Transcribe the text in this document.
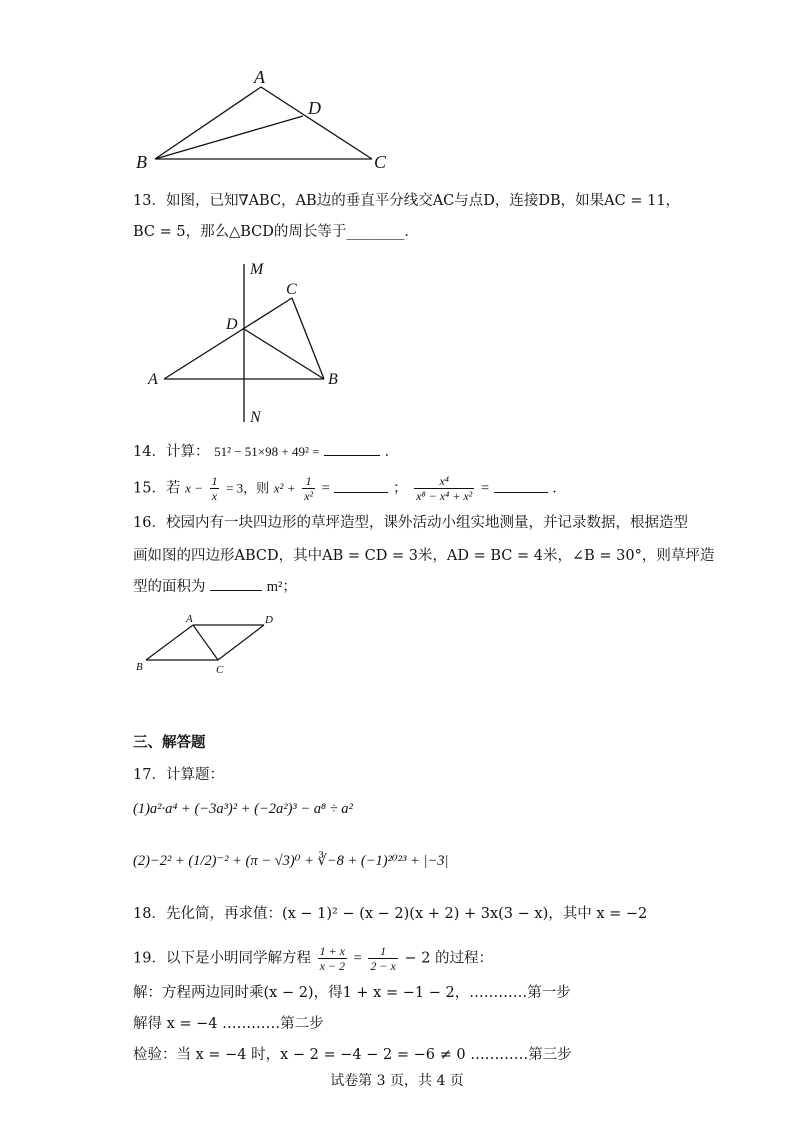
A
D
B	C
13．如图，已知∇ABC，AB边的垂直平分线交AC与点D，连接DB，如果AC = 11，
BC = 5，那么△BCD的周长等于________．
M
C
D
A	B
N
14．计算： 51² − 51×98 + 49² =	．
15．若 $x - \frac{1}{x} = 3$，则 $x^2 + \frac{1}{\text{x²}}$ =	； $\frac{\text{x⁴}}{\text{x⁸ − x⁴ + x²}}$ =	．
16．校园内有一块四边形的草坪造型，课外活动小组实地测量，并记录数据，根据造型
画如图的四边形ABCD，其中AB = CD = 3米，AD = BC = 4米，∠B = 30°，则草坪造
型的面积为	m²；
A	D
B	C
三、解答题
17．计算题：
(1)a²·a⁴ + (−3a³)² + (−2a²)³ − a⁸ ÷ a²
(2)−2² + (1/2)⁻² + (π − √3)⁰ + ∛−8 + (−1)²⁰²³ + |−3|
18．先化简，再求值：(x − 1)² − (x − 2)(x + 2) + 3x(3 − x)，其中 x = −2
19．以下是小明同学解方程 $\frac{1 + x}{x - 2} = \frac{1}{2 - x} - 2$ 的过程：
解：方程两边同时乘(x − 2)，得1 + x = −1 − 2，…………第一步
解得 x = −4 …………第二步
检验：当 x = −4 时，x − 2 = −4 − 2 = −6 ≠ 0 …………第三步
试卷第 3 页，共 4 页
